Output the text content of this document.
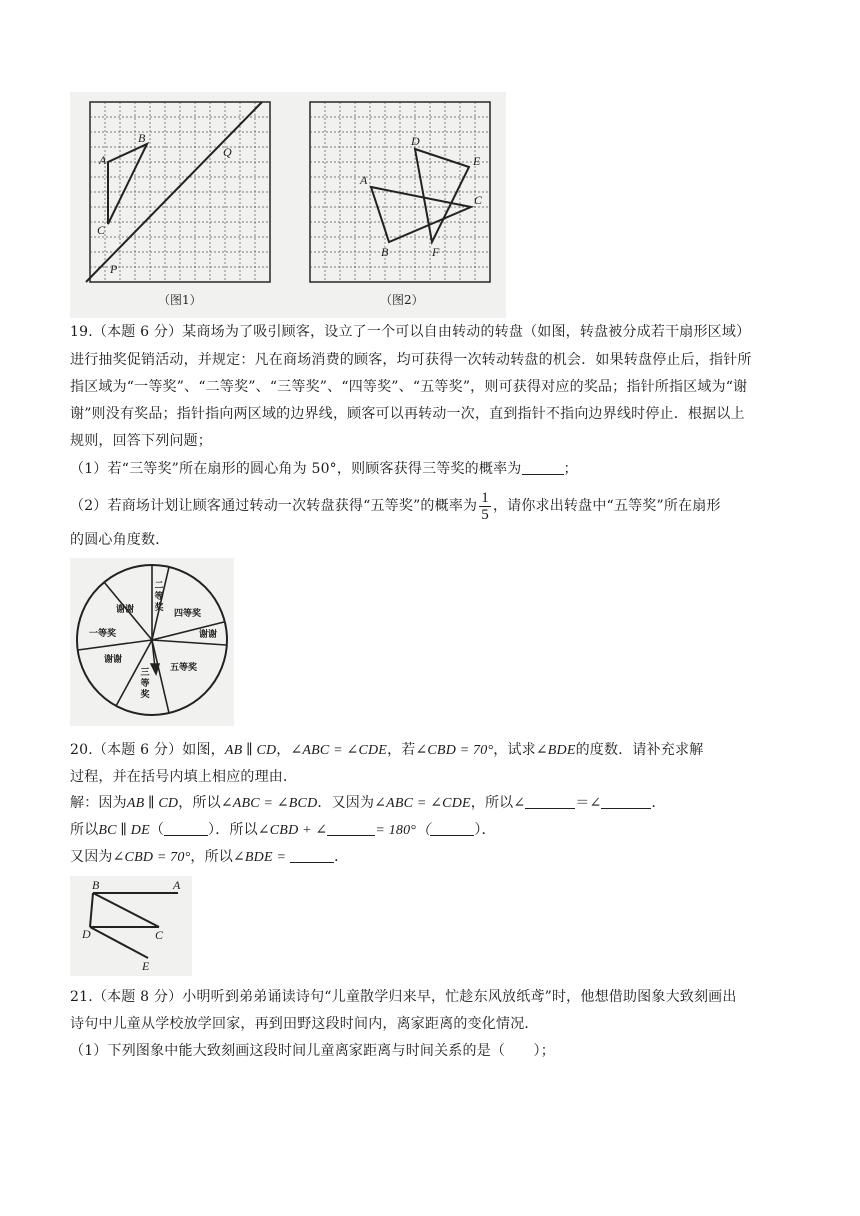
A
B
C
Q
P
（图1）
A
B
C
D
E
F
（图2）
19.（本题 6 分）某商场为了吸引顾客，设立了一个可以自由转动的转盘（如图，转盘被分成若干扇形区域）
进行抽奖促销活动，并规定：凡在商场消费的顾客，均可获得一次转动转盘的机会．如果转盘停止后，指针所
指区域为“一等奖”、“二等奖”、“三等奖”、“四等奖”、“五等奖”，则可获得对应的奖品；指针所指区域为“谢
谢”则没有奖品；指针指向两区域的边界线，顾客可以再转动一次，直到指针不指向边界线时停止．根据以上
规则，回答下列问题；
（1）若“三等奖”所在扇形的圆心角为 50°，则顾客获得三等奖的概率为	；
（2）若商场计划让顾客通过转动一次转盘获得“五等奖”的概率为 $\frac{1}{5}$ ，请你求出转盘中“五等奖”所在扇形
的圆心角度数．
谢谢
一等奖
四等奖
谢谢
谢谢
五等奖
二等奖
三等奖
20.（本题 6 分）如图，AB ∥ CD，∠ABC = ∠CDE，若∠CBD = 70°，试求∠BDE的度数．请补充求解
过程，并在括号内填上相应的理由．
解：因为AB ∥ CD，所以∠ABC = ∠BCD．又因为∠ABC = ∠CDE，所以∠	＝∠	．
所以BC ∥ DE（	）．所以∠CBD + ∠	= 180°（	）．
又因为∠CBD = 70°，所以∠BDE =	．
B	A
D	C
E
21.（本题 8 分）小明听到弟弟诵读诗句“儿童散学归来早，忙趁东风放纸鸢”时，他想借助图象大致刻画出
诗句中儿童从学校放学回家，再到田野这段时间内，离家距离的变化情况．
（1）下列图象中能大致刻画这段时间儿童离家距离与时间关系的是（　　）；
